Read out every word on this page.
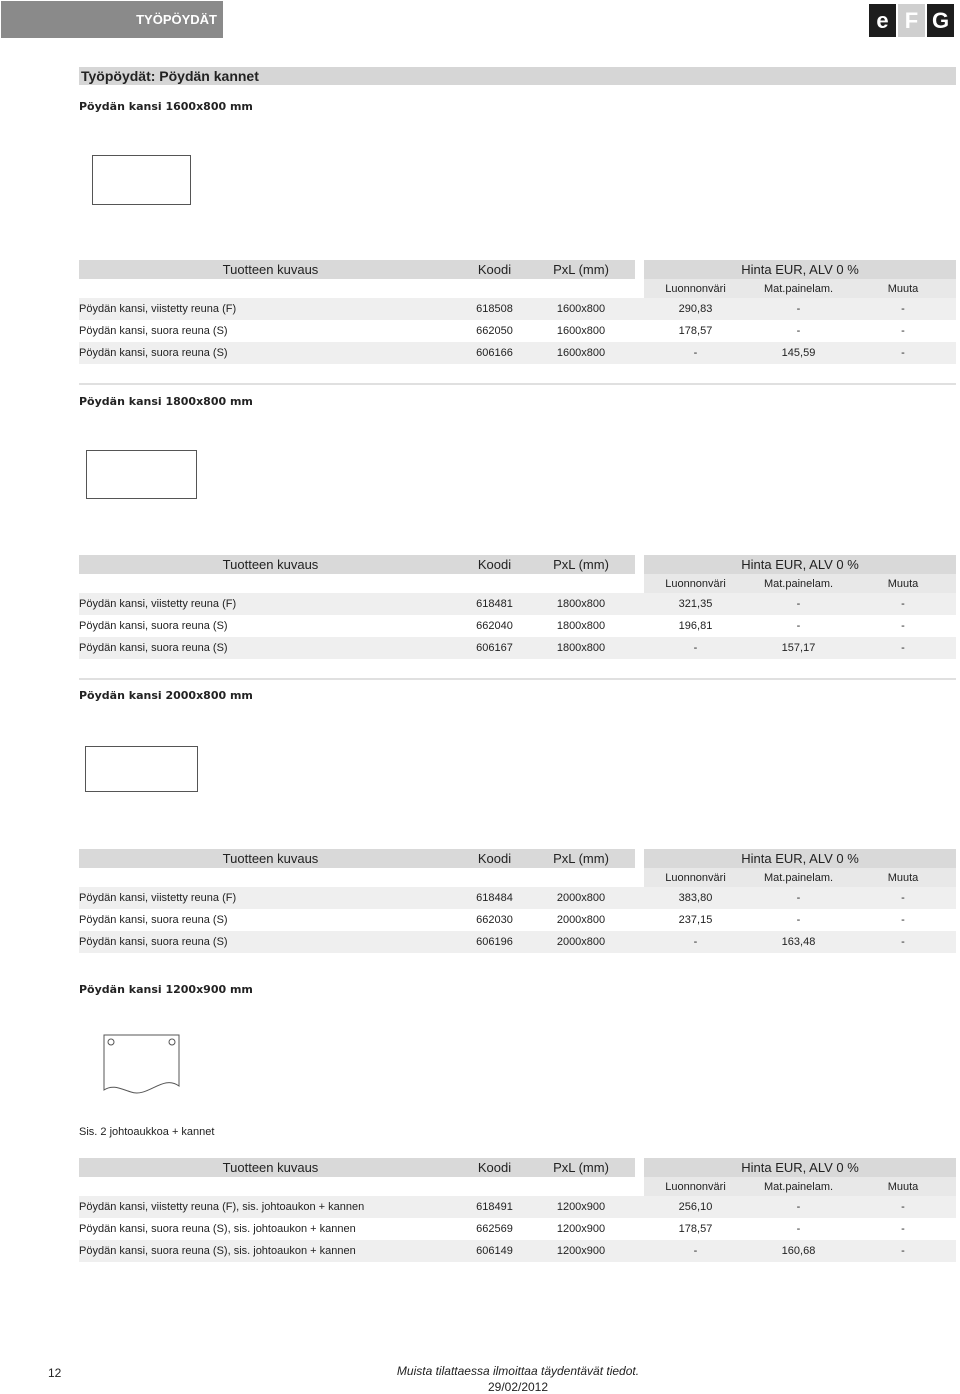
TYÖPÖYDÄT	e F G
Työpöydät: Pöydän kannet
Pöydän kansi 1600x800 mm
Tuotteen kuvaus	Koodi	PxL (mm)		Hinta EUR, ALV 0 %		
				Luonnonväri	Mat.painelam.	Muuta
Pöydän kansi, viistetty reuna (F)	618508	1600x800		290,83	-	-
Pöydän kansi, suora reuna (S)	662050	1600x800		178,57	-	-
Pöydän kansi, suora reuna (S)	606166	1600x800		-	145,59	-
Pöydän kansi 1800x800 mm
Tuotteen kuvaus	Koodi	PxL (mm)		Hinta EUR, ALV 0 %		
				Luonnonväri	Mat.painelam.	Muuta
Pöydän kansi, viistetty reuna (F)	618481	1800x800		321,35	-	-
Pöydän kansi, suora reuna (S)	662040	1800x800		196,81	-	-
Pöydän kansi, suora reuna (S)	606167	1800x800		-	157,17	-
Pöydän kansi 2000x800 mm
Tuotteen kuvaus	Koodi	PxL (mm)		Hinta EUR, ALV 0 %		
				Luonnonväri	Mat.painelam.	Muuta
Pöydän kansi, viistetty reuna (F)	618484	2000x800		383,80	-	-
Pöydän kansi, suora reuna (S)	662030	2000x800		237,15	-	-
Pöydän kansi, suora reuna (S)	606196	2000x800		-	163,48	-
Pöydän kansi 1200x900 mm
Sis. 2 johtoaukkoa + kannet
Tuotteen kuvaus	Koodi	PxL (mm)		Hinta EUR, ALV 0 %		
				Luonnonväri	Mat.painelam.	Muuta
Pöydän kansi, viistetty reuna (F), sis. johtoaukon + kannen	618491	1200x900		256,10	-	-
Pöydän kansi, suora reuna (S), sis. johtoaukon + kannen	662569	1200x900		178,57	-	-
Pöydän kansi, suora reuna (S), sis. johtoaukon + kannen	606149	1200x900		-	160,68	-
12	Muista tilattaessa ilmoittaa täydentävät tiedot.
29/02/2012
